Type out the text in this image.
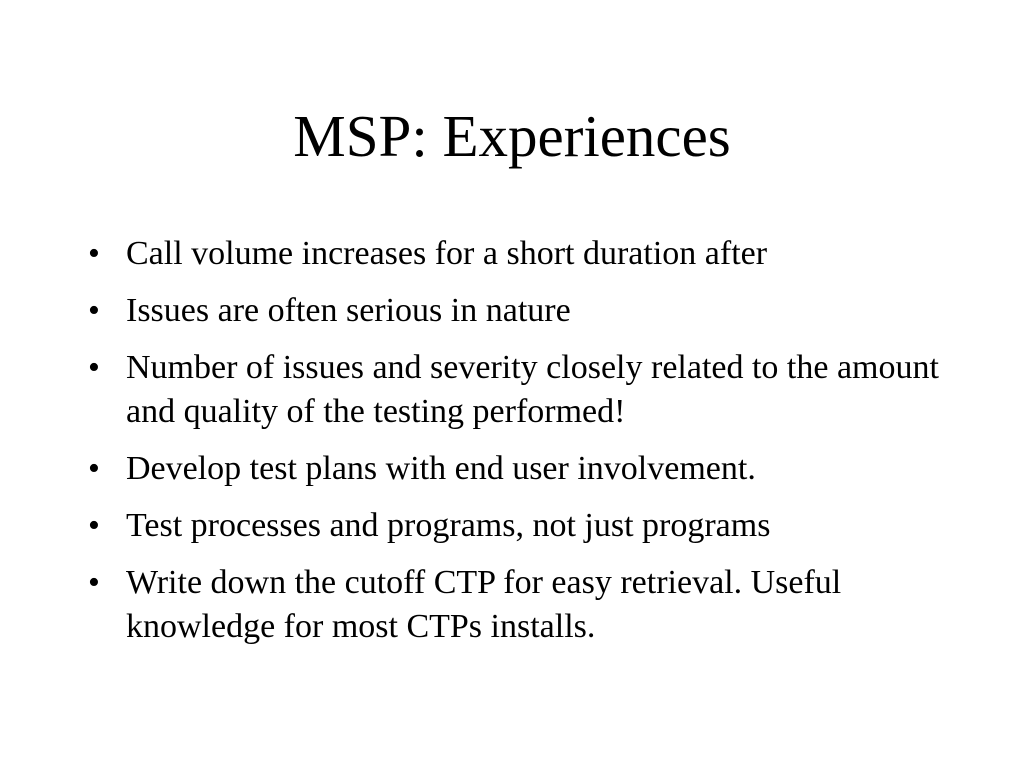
MSP: Experiences
• Call volume increases for a short duration after
• Issues are often serious in nature
• Number of issues and severity closely related to the amount and quality of the testing performed!
• Develop test plans with end user involvement.
• Test processes and programs, not just programs
• Write down the cutoff CTP for easy retrieval. Useful knowledge for most CTPs installs.
